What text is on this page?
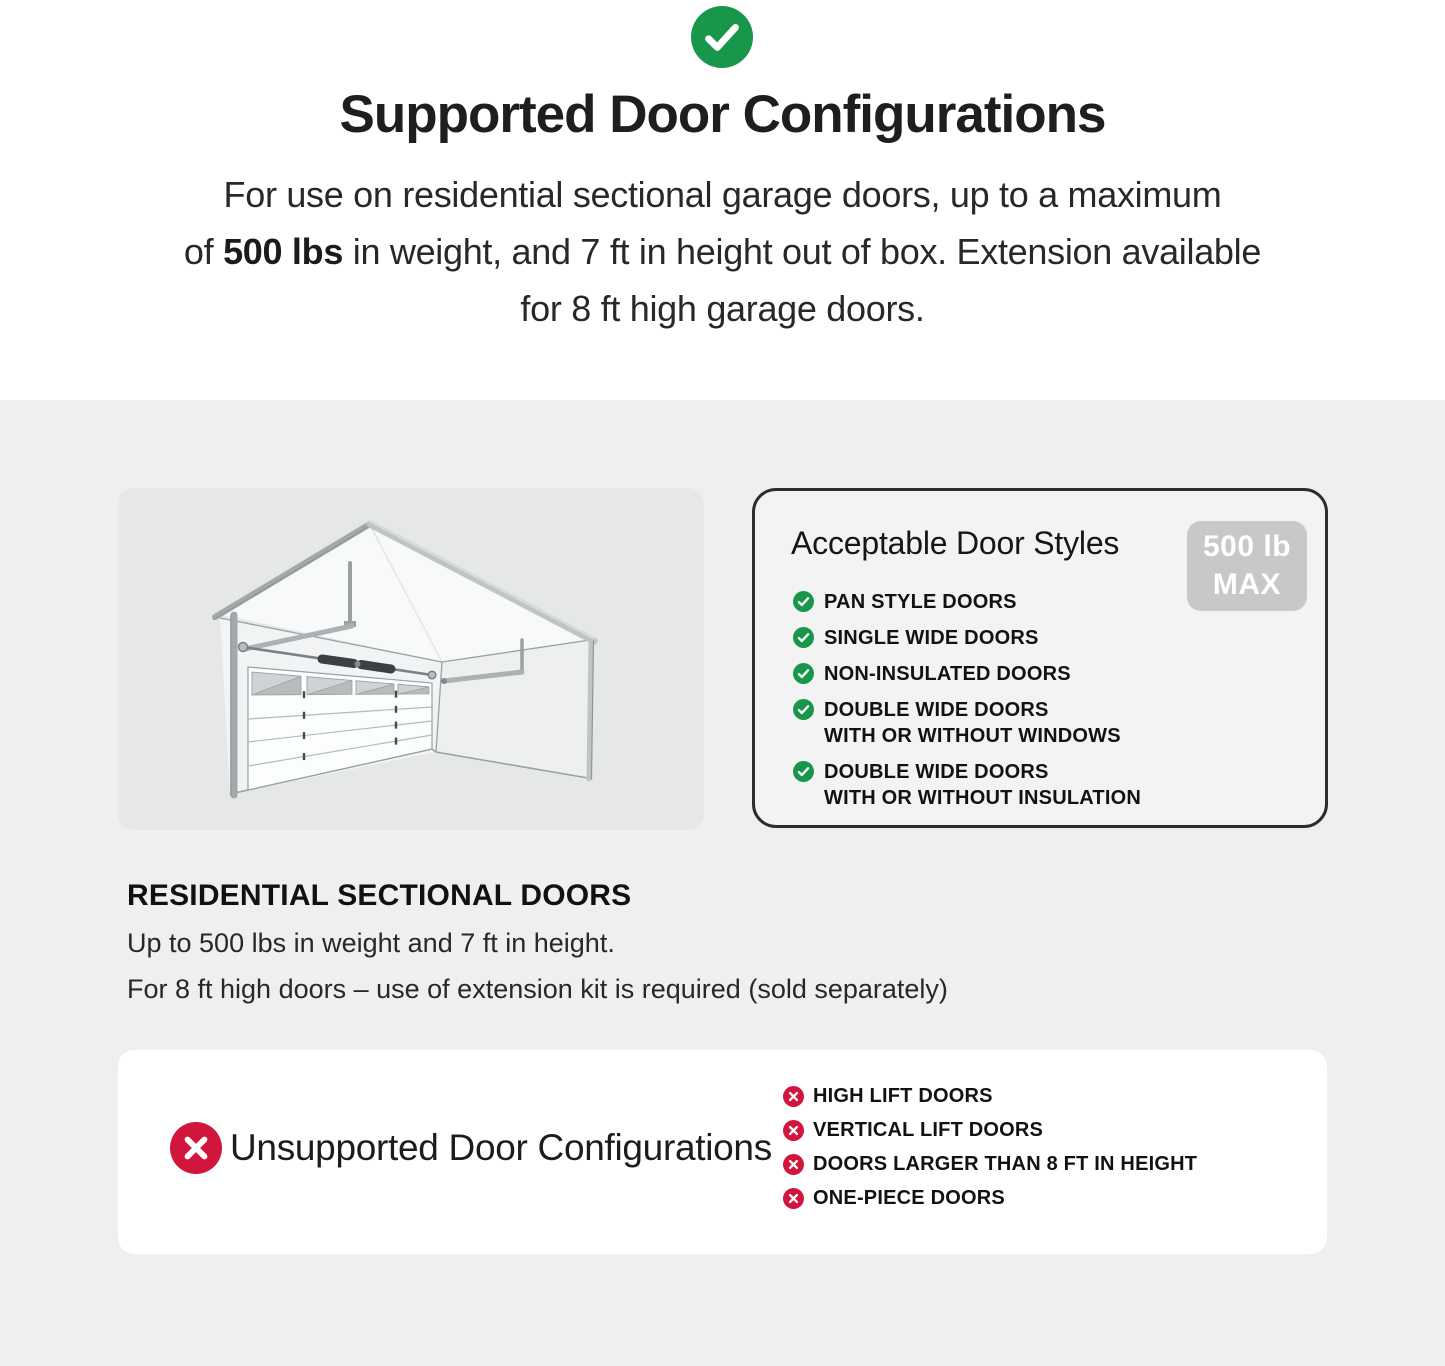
Supported Door Configurations
For use on residential sectional garage doors, up to a maximum
of 500 lbs in weight, and 7 ft in height out of box. Extension available
for 8 ft high garage doors.
Acceptable Door Styles	500 lb
MAX
PAN STYLE DOORS
SINGLE WIDE DOORS
NON-INSULATED DOORS
DOUBLE WIDE DOORS
WITH OR WITHOUT WINDOWS
DOUBLE WIDE DOORS
WITH OR WITHOUT INSULATION
RESIDENTIAL SECTIONAL DOORS
Up to 500 lbs in weight and 7 ft in height.
For 8 ft high doors – use of extension kit is required (sold separately)
Unsupported Door Configurations
HIGH LIFT DOORS
VERTICAL LIFT DOORS
DOORS LARGER THAN 8 FT IN HEIGHT
ONE-PIECE DOORS
